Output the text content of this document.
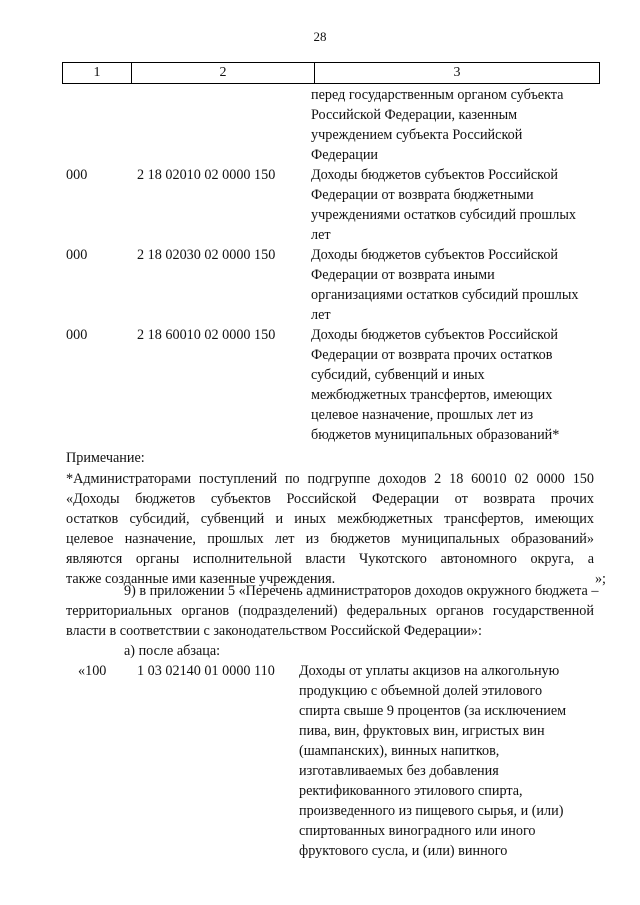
28
1	2	3
перед государственным органом субъекта
Российской Федерации, казенным
учреждением субъекта Российской
Федерации
000	2 18 02010 02 0000 150	Доходы бюджетов субъектов Российской
Федерации от возврата бюджетными
учреждениями остатков субсидий прошлых
лет
000	2 18 02030 02 0000 150	Доходы бюджетов субъектов Российской
Федерации от возврата иными
организациями остатков субсидий прошлых
лет
000	2 18 60010 02 0000 150	Доходы бюджетов субъектов Российской
Федерации от возврата прочих остатков
субсидий, субвенций и иных
межбюджетных трансфертов, имеющих
целевое назначение, прошлых лет из
бюджетов муниципальных образований*
Примечание:
*Администраторами поступлений по подгруппе доходов 2 18 60010 02 0000 150
«Доходы бюджетов субъектов Российской Федерации от возврата прочих
остатков субсидий, субвенций и иных межбюджетных трансфертов, имеющих
целевое назначение, прошлых лет из бюджетов муниципальных образований»
являются органы исполнительной власти Чукотского автономного округа, а
также созданные ими казенные учреждения.	»;
9) в приложении 5 «Перечень администраторов доходов окружного бюджета –
территориальных органов (подразделений) федеральных органов государственной
власти в соответствии с законодательством Российской Федерации»:
а) после абзаца:
«100 1 03 02140 01 0000 110 Доходы от уплаты акцизов на алкогольную
продукцию с объемной долей этилового
спирта свыше 9 процентов (за исключением
пива, вин, фруктовых вин, игристых вин
(шампанских), винных напитков,
изготавливаемых без добавления
ректификованного этилового спирта,
произведенного из пищевого сырья, и (или)
спиртованных виноградного или иного
фруктового сусла, и (или) винного
